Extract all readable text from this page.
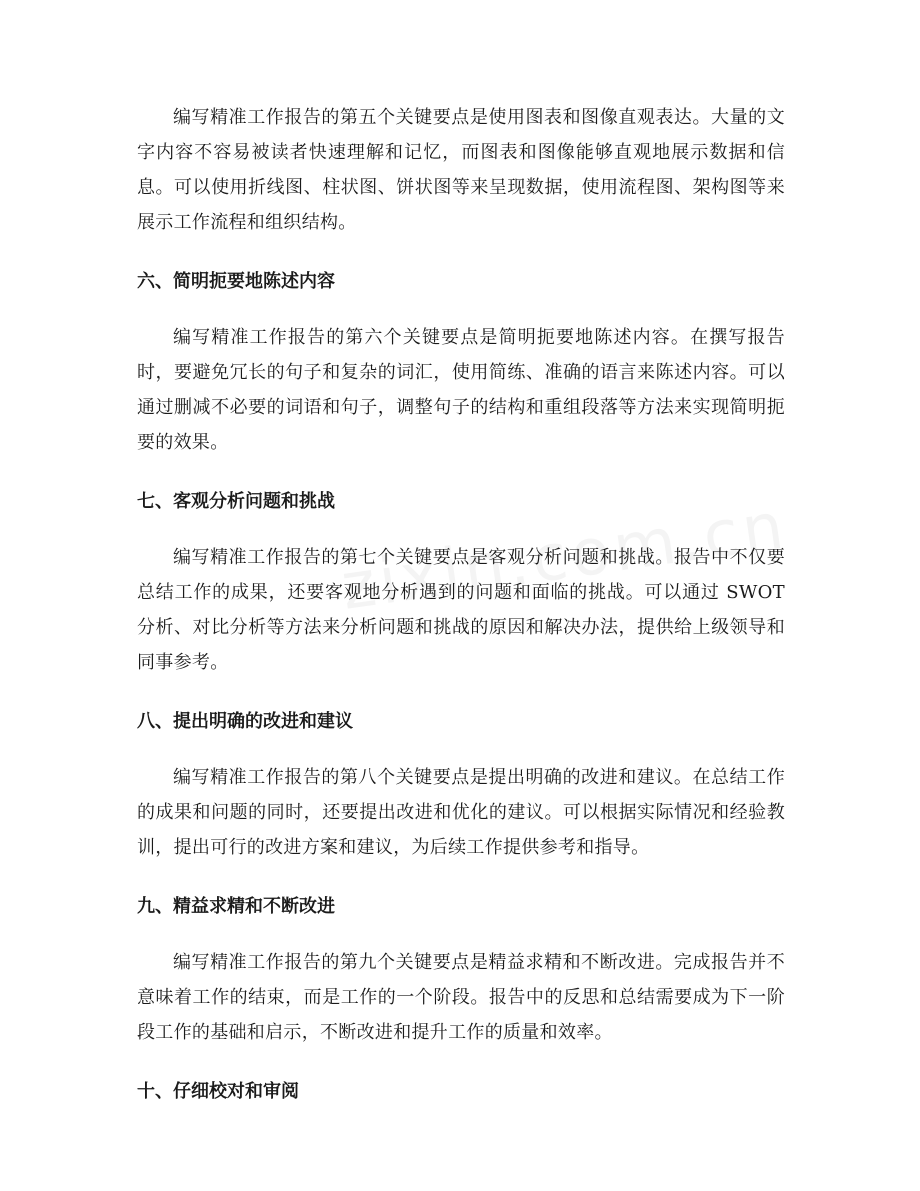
编写精准工作报告的第五个关键要点是使用图表和图像直观表达。大量的文字内容不容易被读者快速理解和记忆，而图表和图像能够直观地展示数据和信息。可以使用折线图、柱状图、饼状图等来呈现数据，使用流程图、架构图等来展示工作流程和组织结构。

六、简明扼要地陈述内容

编写精准工作报告的第六个关键要点是简明扼要地陈述内容。在撰写报告时，要避免冗长的句子和复杂的词汇，使用简练、准确的语言来陈述内容。可以通过删减不必要的词语和句子，调整句子的结构和重组段落等方法来实现简明扼要的效果。

七、客观分析问题和挑战

编写精准工作报告的第七个关键要点是客观分析问题和挑战。报告中不仅要总结工作的成果，还要客观地分析遇到的问题和面临的挑战。可以通过 SWOT 分析、对比分析等方法来分析问题和挑战的原因和解决办法，提供给上级领导和同事参考。

八、提出明确的改进和建议

编写精准工作报告的第八个关键要点是提出明确的改进和建议。在总结工作的成果和问题的同时，还要提出改进和优化的建议。可以根据实际情况和经验教训，提出可行的改进方案和建议，为后续工作提供参考和指导。

九、精益求精和不断改进

编写精准工作报告的第九个关键要点是精益求精和不断改进。完成报告并不意味着工作的结束，而是工作的一个阶段。报告中的反思和总结需要成为下一阶段工作的基础和启示，不断改进和提升工作的质量和效率。

十、仔细校对和审阅
